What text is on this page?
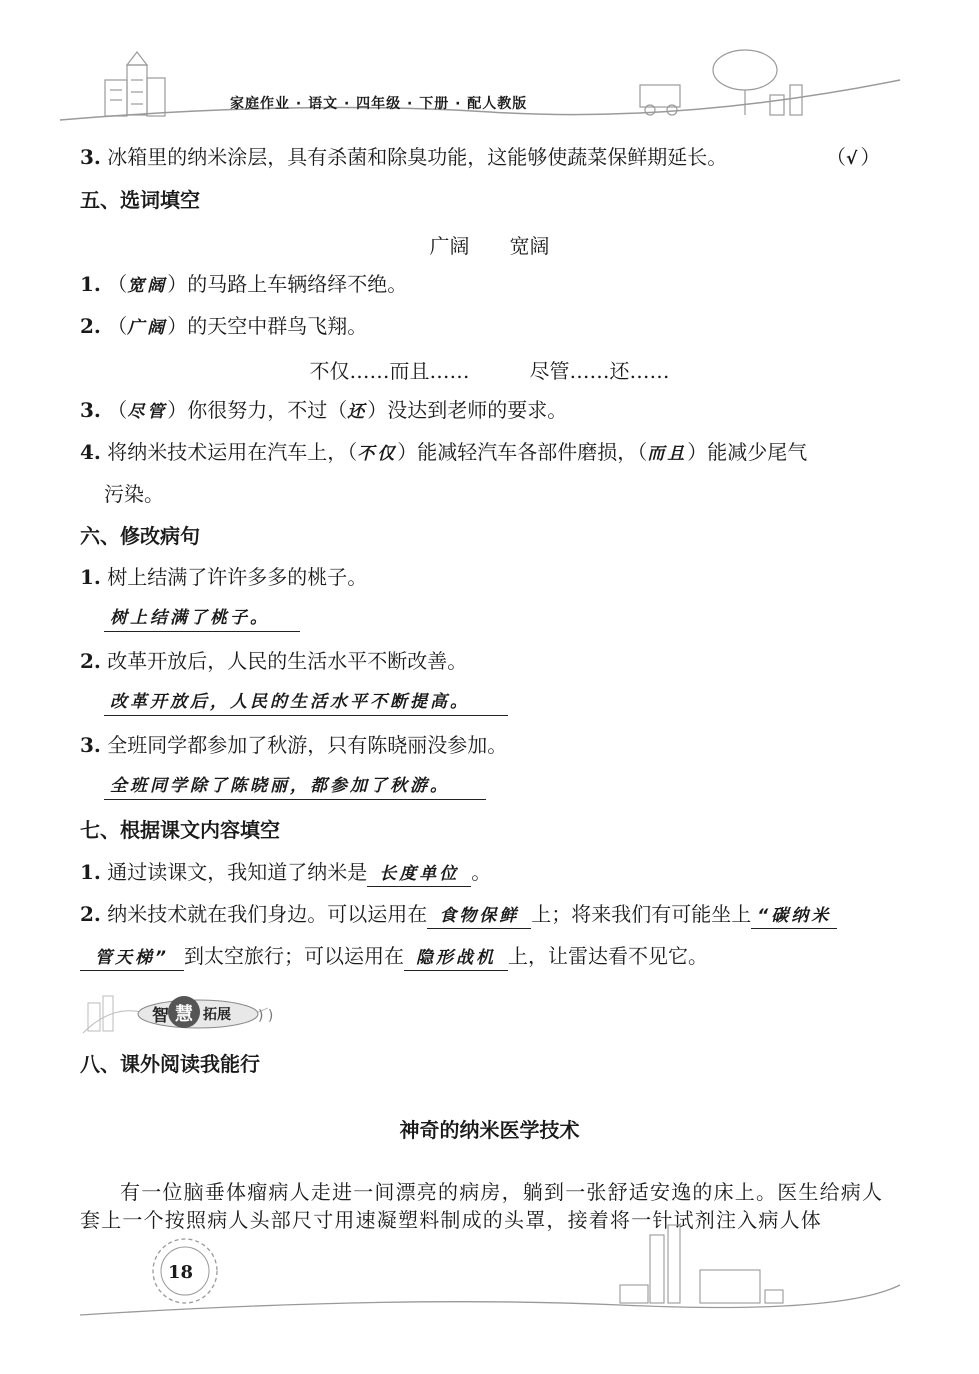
家庭作业 · 语文 · 四年级 · 下册 · 配人教版
3. 冰箱里的纳米涂层，具有杀菌和除臭功能，这能够使蔬菜保鲜期延长。	（√）
五、选词填空
广阔　　宽阔
1. （宽阔）的马路上车辆络绎不绝。
2. （广阔）的天空中群鸟飞翔。
不仅……而且……　　　尽管……还……
3. （尽管）你很努力，不过（还）没达到老师的要求。
4. 将纳米技术运用在汽车上，（不仅）能减轻汽车各部件磨损，（而且）能减少尾气
污染。
六、修改病句
1. 树上结满了许许多多的桃子。
树上结满了桃子。
2. 改革开放后，人民的生活水平不断改善。
改革开放后，人民的生活水平不断提高。
3. 全班同学都参加了秋游，只有陈晓丽没参加。
全班同学除了陈晓丽，都参加了秋游。
七、根据课文内容填空
1. 通过读课文，我知道了纳米是 长度单位 。
2. 纳米技术就在我们身边。可以运用在 食物保鲜 上；将来我们有可能坐上 “碳纳米
管天梯” 到太空旅行；可以运用在 隐形战机 上，让雷达看不见它。
) )
智 慧 拓展
八、课外阅读我能行
神奇的纳米医学技术
有一位脑垂体瘤病人走进一间漂亮的病房，躺到一张舒适安逸的床上。医生给病人套上一个按照病人头部尺寸用速凝塑料制成的头罩，接着将一针试剂注入病人体
18
